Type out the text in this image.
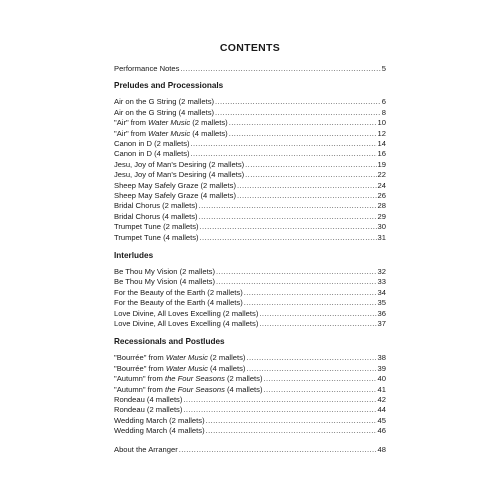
CONTENTS
Performance Notes .....	5
Preludes and Processionals
Air on the G String (2 mallets) .....	6
Air on the G String (4 mallets) .....	8
"Air" from Water Music (2 mallets) .....	10
"Air" from Water Music (4 mallets) .....	12
Canon in D (2 mallets) .....	14
Canon in D (4 mallets) .....	16
Jesu, Joy of Man's Desiring (2 mallets) .....	19
Jesu, Joy of Man's Desiring (4 mallets) .....	22
Sheep May Safely Graze (2 mallets) .....	24
Sheep May Safely Graze (4 mallets) .....	26
Bridal Chorus (2 mallets) .....	28
Bridal Chorus (4 mallets) .....	29
Trumpet Tune (2 mallets) .....	30
Trumpet Tune (4 mallets) .....	31
Interludes
Be Thou My Vision (2 mallets) .....	32
Be Thou My Vision (4 mallets) .....	33
For the Beauty of the Earth (2 mallets) .....	34
For the Beauty of the Earth (4 mallets) .....	35
Love Divine, All Loves Excelling (2 mallets) .....	36
Love Divine, All Loves Excelling (4 mallets) .....	37
Recessionals and Postludes
"Bourrée" from Water Music (2 mallets) .....	38
"Bourrée" from Water Music (4 mallets) .....	39
"Autumn" from the Four Seasons (2 mallets) .....	40
"Autumn" from the Four Seasons (4 mallets) .....	41
Rondeau (4 mallets) .....	42
Rondeau (2 mallets) .....	44
Wedding March (2 mallets) .....	45
Wedding March (4 mallets) .....	46
About the Arranger .....	48
